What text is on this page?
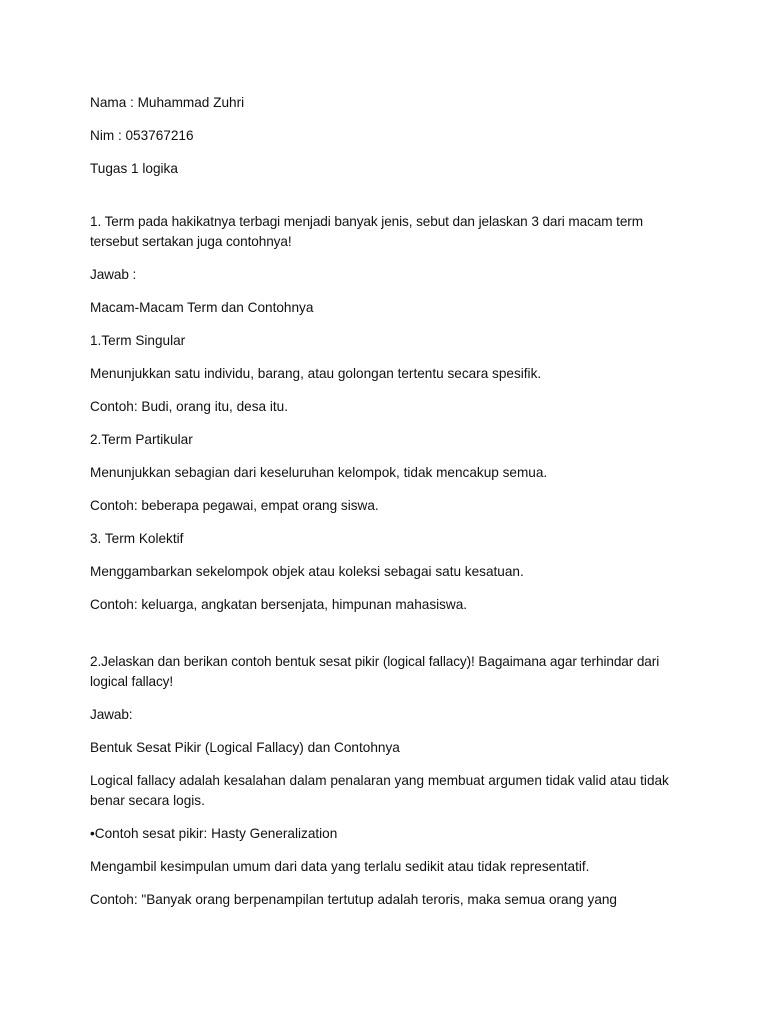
Nama : Muhammad Zuhri

Nim : 053767216

Tugas 1 logika

1. Term pada hakikatnya terbagi menjadi banyak jenis, sebut dan jelaskan 3 dari macam term tersebut sertakan juga contohnya!

Jawab :

Macam-Macam Term dan Contohnya

1.Term Singular

Menunjukkan satu individu, barang, atau golongan tertentu secara spesifik.

Contoh: Budi, orang itu, desa itu.

2.Term Partikular

Menunjukkan sebagian dari keseluruhan kelompok, tidak mencakup semua.

Contoh: beberapa pegawai, empat orang siswa.

3. Term Kolektif

Menggambarkan sekelompok objek atau koleksi sebagai satu kesatuan.

Contoh: keluarga, angkatan bersenjata, himpunan mahasiswa.

2.Jelaskan dan berikan contoh bentuk sesat pikir (logical fallacy)! Bagaimana agar terhindar dari logical fallacy!

Jawab:

Bentuk Sesat Pikir (Logical Fallacy) dan Contohnya

Logical fallacy adalah kesalahan dalam penalaran yang membuat argumen tidak valid atau tidak benar secara logis.

•Contoh sesat pikir: Hasty Generalization

Mengambil kesimpulan umum dari data yang terlalu sedikit atau tidak representatif.

Contoh: "Banyak orang berpenampilan tertutup adalah teroris, maka semua orang yang
